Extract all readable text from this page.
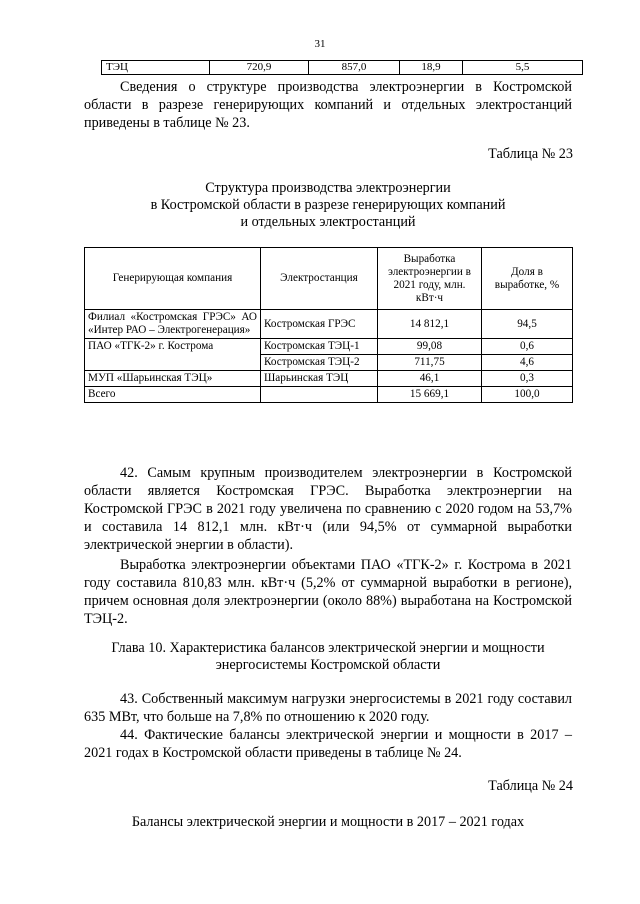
31
ТЭЦ	720,9	857,0	18,9	5,5

Сведения о структуре производства электроэнергии в Костромской области в разрезе генерирующих компаний и отдельных электростанций приведены в таблице № 23.

Таблица № 23
Структура производства электроэнергии
в Костромской области в разрезе генерирующих компаний
и отдельных электростанций
Генерирующая компания	Электростанция	Выработка электроэнергии в 2021 году, млн. кВт·ч	Доля в выработке, %
Филиал «Костромская ГРЭС» АО «Интер РАО – Электрогенерация»	Костромская ГРЭС	14 812,1	94,5
ПАО «ТГК-2» г. Кострома	Костромская ТЭЦ-1	99,08	0,6
	Костромская ТЭЦ-2	711,75	4,6
МУП «Шарьинская ТЭЦ»	Шарьинская ТЭЦ	46,1	0,3
Всего		15 669,1	100,0

42. Самым крупным производителем электроэнергии в Костромской области является Костромская ГРЭС. Выработка электроэнергии на Костромской ГРЭС в 2021 году увеличена по сравнению с 2020 годом на 53,7% и составила 14 812,1 млн. кВт·ч (или 94,5% от суммарной выработки электрической энергии в области).

Выработка электроэнергии объектами ПАО «ТГК-2» г. Кострома в 2021 году составила 810,83 млн. кВт·ч (5,2% от суммарной выработки в регионе), причем основная доля электроэнергии (около 88%) выработана на Костромской ТЭЦ-2.

Глава 10. Характеристика балансов электрической энергии и мощности
энергосистемы Костромской области

43. Собственный максимум нагрузки энергосистемы в 2021 году составил 635 МВт, что больше на 7,8% по отношению к 2020 году.

44. Фактические балансы электрической энергии и мощности в 2017 – 2021 годах в Костромской области приведены в таблице № 24.

Таблица № 24
Балансы электрической энергии и мощности в 2017 – 2021 годах
